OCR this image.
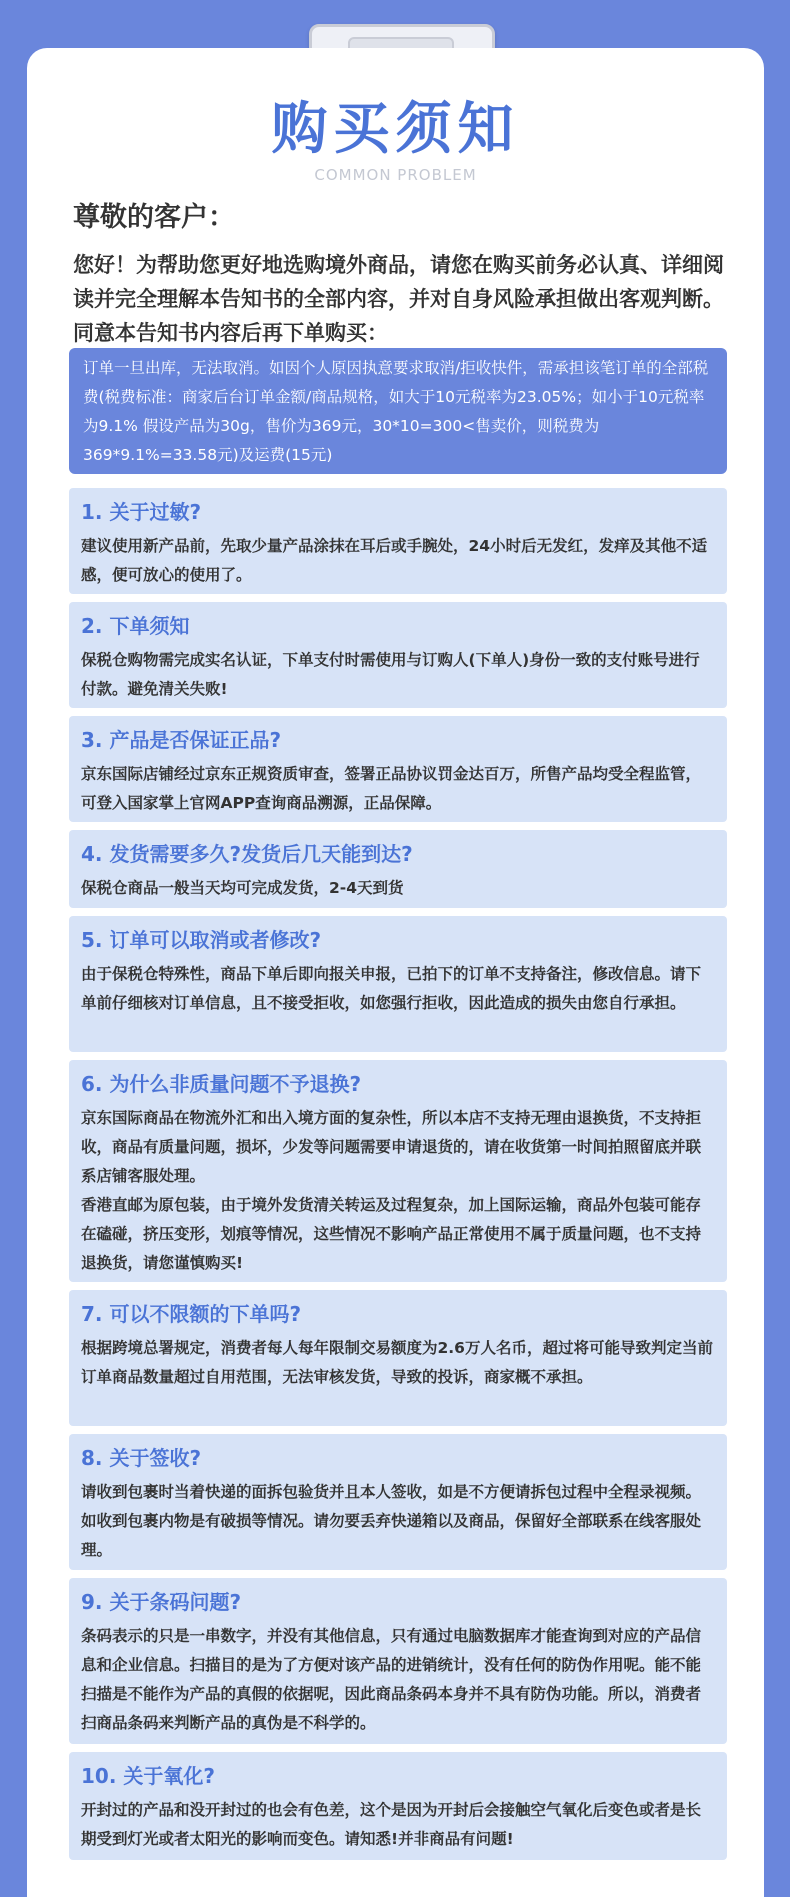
购买须知
COMMON PROBLEM
尊敬的客户：
您好！为帮助您更好地选购境外商品，请您在购买前务必认真、详细阅读并完全理解本告知书的全部内容，并对自身风险承担做出客观判断。同意本告知书内容后再下单购买：
订单一旦出库，无法取消。如因个人原因执意要求取消/拒收快件，需承担该笔订单的全部税费(税费标准：商家后台订单金额/商品规格，如大于10元税率为23.05%；如小于10元税率为9.1% 假设产品为30g，售价为369元，30*10=300<售卖价，则税费为369*9.1%=33.58元)及运费(15元)
1. 关于过敏?

建议使用新产品前，先取少量产品涂抹在耳后或手腕处，24小时后无发红，发痒及其他不适感，便可放心的使用了。

2. 下单须知

保税仓购物需完成实名认证，下单支付时需使用与订购人(下单人)身份一致的支付账号进行付款。避免清关失败!

3. 产品是否保证正品?

京东国际店铺经过京东正规资质审查，签署正品协议罚金达百万，所售产品均受全程监管，可登入国家掌上官网APP查询商品溯源，正品保障。

4. 发货需要多久?发货后几天能到达?

保税仓商品一般当天均可完成发货，2-4天到货

5. 订单可以取消或者修改?

由于保税仓特殊性，商品下单后即向报关申报，已拍下的订单不支持备注，修改信息。请下单前仔细核对订单信息，且不接受拒收，如您强行拒收，因此造成的损失由您自行承担。

6. 为什么非质量问题不予退换?

京东国际商品在物流外汇和出入境方面的复杂性，所以本店不支持无理由退换货，不支持拒收，商品有质量问题，损坏，少发等问题需要申请退货的，请在收货第一时间拍照留底并联系店铺客服处理。

香港直邮为原包装，由于境外发货清关转运及过程复杂，加上国际运输，商品外包装可能存在磕碰，挤压变形，划痕等情况，这些情况不影响产品正常使用不属于质量问题，也不支持退换货，请您谨慎购买!

7. 可以不限额的下单吗?

根据跨境总署规定，消费者每人每年限制交易额度为2.6万人名币，超过将可能导致判定当前订单商品数量超过自用范围，无法审核发货，导致的投诉，商家概不承担。

8. 关于签收?

请收到包裹时当着快递的面拆包验货并且本人签收，如是不方便请拆包过程中全程录视频。如收到包裹内物是有破损等情况。请勿要丢弃快递箱以及商品，保留好全部联系在线客服处理。

9. 关于条码问题?

条码表示的只是一串数字，并没有其他信息，只有通过电脑数据库才能查询到对应的产品信息和企业信息。扫描目的是为了方便对该产品的进销统计，没有任何的防伪作用呢。能不能扫描是不能作为产品的真假的依据呢，因此商品条码本身并不具有防伪功能。所以，消费者扫商品条码来判断产品的真伪是不科学的。

10. 关于氧化?

开封过的产品和没开封过的也会有色差，这个是因为开封后会接触空气氧化后变色或者是长期受到灯光或者太阳光的影响而变色。请知悉!并非商品有问题!
